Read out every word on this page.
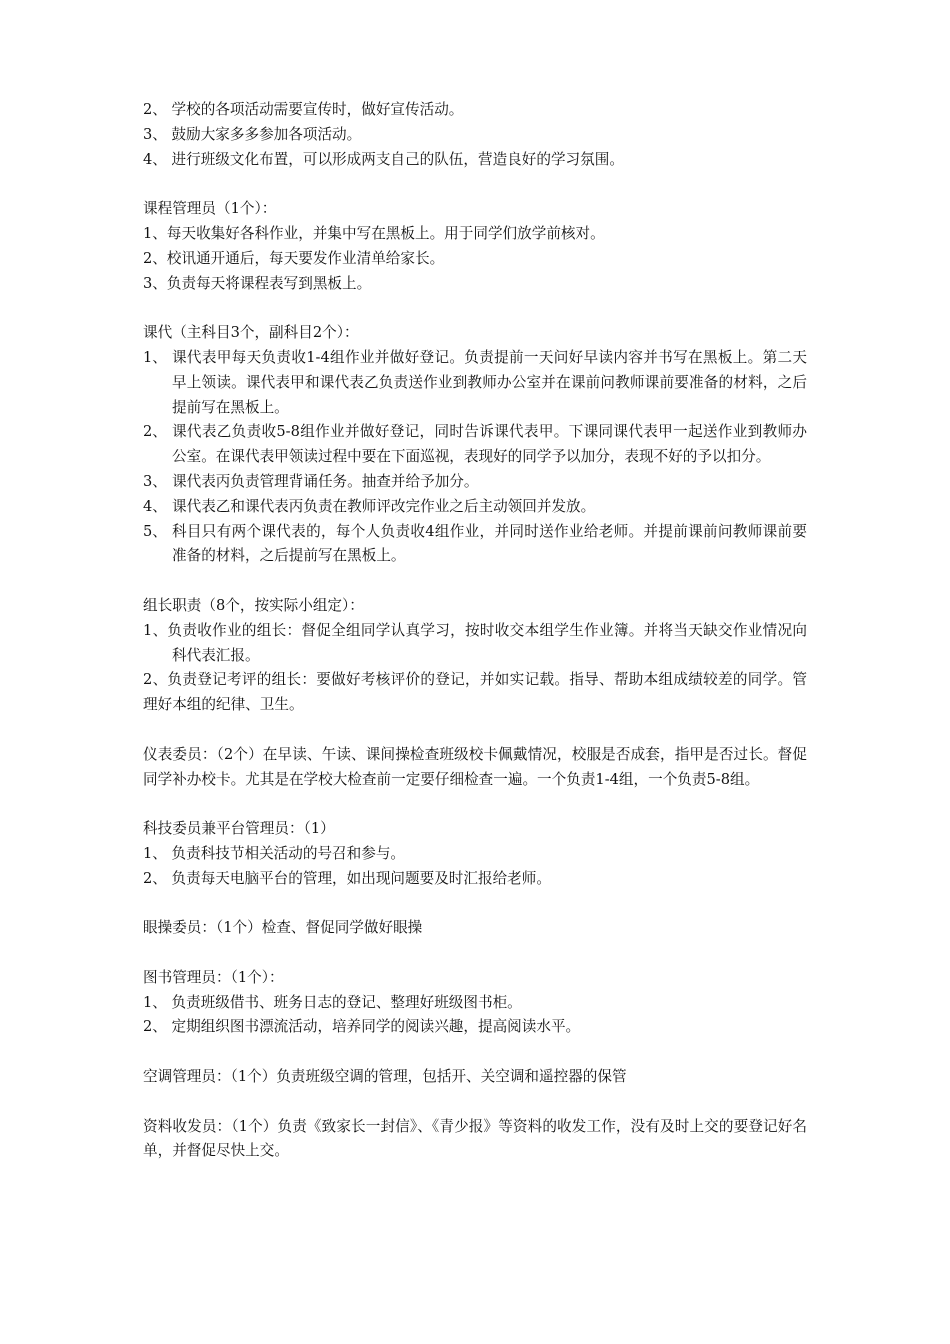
2、 学校的各项活动需要宣传时，做好宣传活动。
3、 鼓励大家多多参加各项活动。
4、 进行班级文化布置，可以形成两支自己的队伍，营造良好的学习氛围。
课程管理员（1个）：
1、每天收集好各科作业，并集中写在黑板上。用于同学们放学前核对。
2、校讯通开通后，每天要发作业清单给家长。
3、负责每天将课程表写到黑板上。
课代（主科目3个，副科目2个）：
1、 课代表甲每天负责收1-4组作业并做好登记。负责提前一天问好早读内容并书写在黑板上。第二天早上领读。课代表甲和课代表乙负责送作业到教师办公室并在课前问教师课前要准备的材料，之后提前写在黑板上。
2、 课代表乙负责收5-8组作业并做好登记，同时告诉课代表甲。下课同课代表甲一起送作业到教师办公室。在课代表甲领读过程中要在下面巡视，表现好的同学予以加分，表现不好的予以扣分。
3、 课代表丙负责管理背诵任务。抽查并给予加分。
4、 课代表乙和课代表丙负责在教师评改完作业之后主动领回并发放。
5、 科目只有两个课代表的，每个人负责收4组作业，并同时送作业给老师。并提前课前问教师课前要准备的材料，之后提前写在黑板上。
组长职责（8个，按实际小组定）：
1、负责收作业的组长：督促全组同学认真学习，按时收交本组学生作业簿。并将当天缺交作业情况向科代表汇报。
2、负责登记考评的组长：要做好考核评价的登记，并如实记载。指导、帮助本组成绩较差的同学。管理好本组的纪律、卫生。
仪表委员：（2个）在早读、午读、课间操检查班级校卡佩戴情况，校服是否成套，指甲是否过长。督促同学补办校卡。尤其是在学校大检查前一定要仔细检查一遍。一个负责1-4组，一个负责5-8组。
科技委员兼平台管理员：（1）
1、 负责科技节相关活动的号召和参与。
2、 负责每天电脑平台的管理，如出现问题要及时汇报给老师。
眼操委员：（1个）检查、督促同学做好眼操
图书管理员：（1个）：
1、 负责班级借书、班务日志的登记、整理好班级图书柜。
2、 定期组织图书漂流活动，培养同学的阅读兴趣，提高阅读水平。
空调管理员：（1个）负责班级空调的管理，包括开、关空调和遥控器的保管
资料收发员：（1个）负责《致家长一封信》、《青少报》等资料的收发工作，没有及时上交的要登记好名单，并督促尽快上交。
